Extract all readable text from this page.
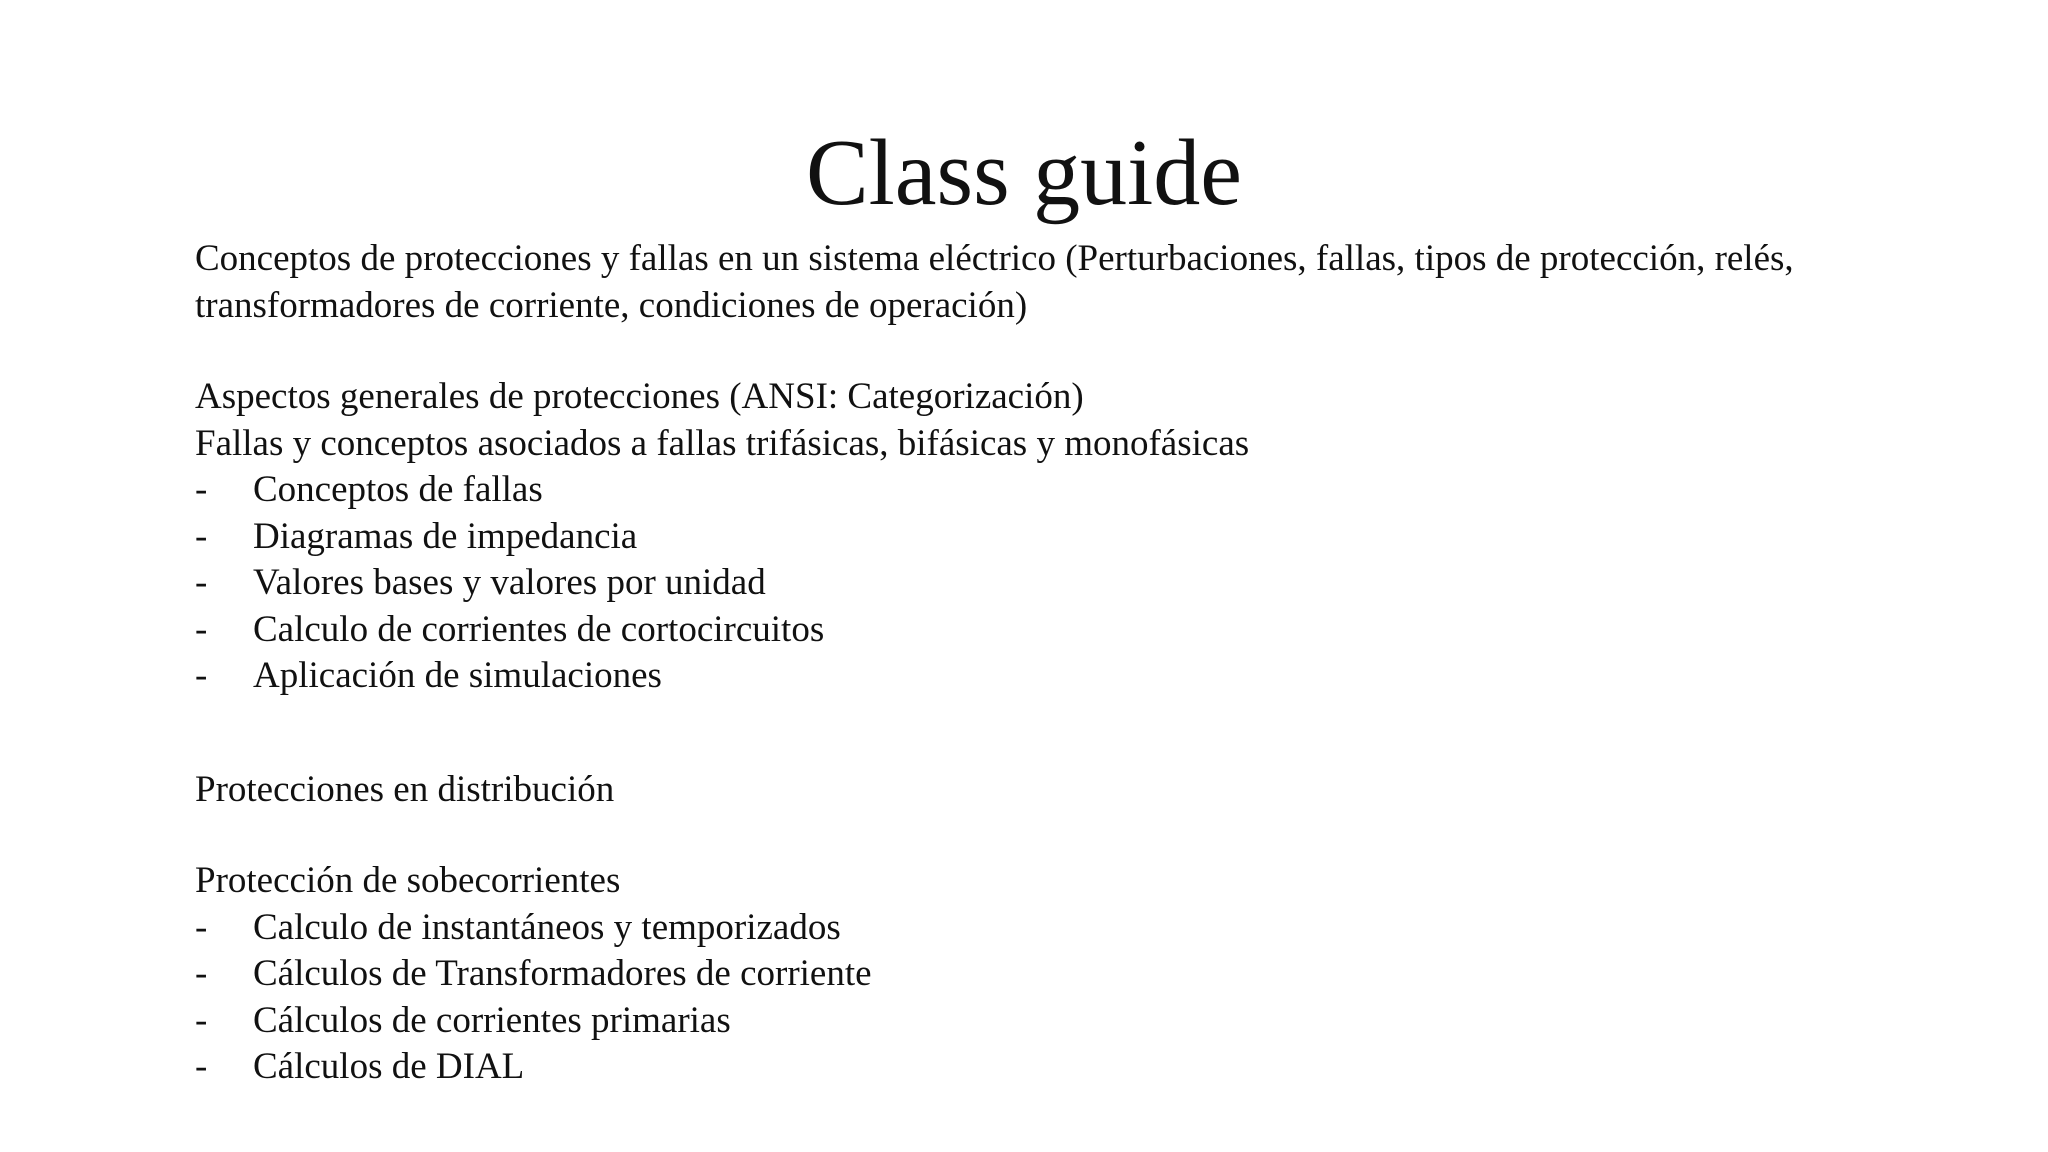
Class guide

Conceptos de protecciones y fallas en un sistema eléctrico (Perturbaciones, fallas, tipos de protección, relés, transformadores de corriente, condiciones de operación)

Aspectos generales de protecciones (ANSI: Categorización)

Fallas y conceptos asociados a fallas trifásicas, bifásicas y monofásicas

- Conceptos de fallas
- Diagramas de impedancia
- Valores bases y valores por unidad
- Calculo de corrientes de cortocircuitos
- Aplicación de simulaciones

Protecciones en distribución

Protección de sobecorrientes

- Calculo de instantáneos y temporizados
- Cálculos de Transformadores de corriente
- Cálculos de corrientes primarias
- Cálculos de DIAL
